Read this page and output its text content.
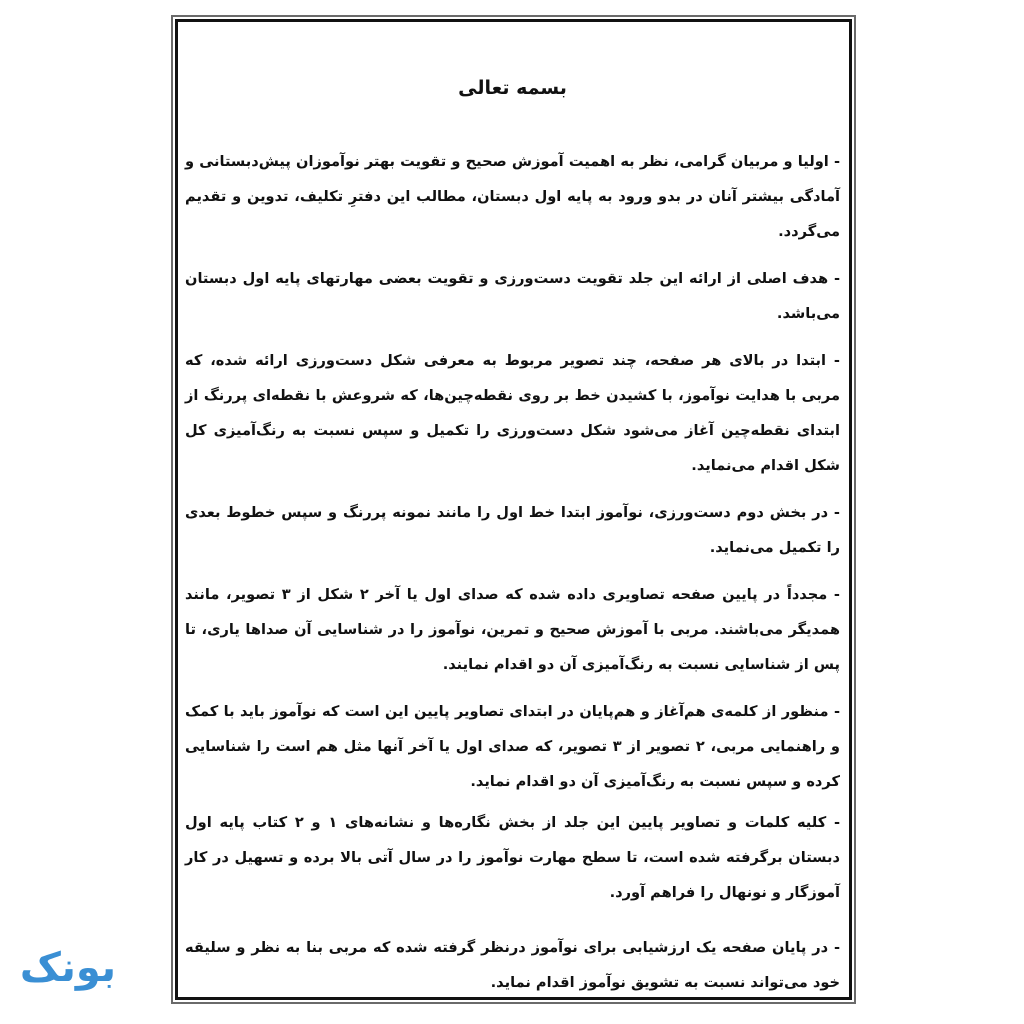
بسمه تعالی

- اولیا و مربیان گرامی، نظر به اهمیت آموزش صحیح و تقویت بهتر نوآموزان پیش‌دبستانی و آمادگی بیشتر آنان در بدو ورود به پایه اول دبستان، مطالب این دفترِ تکلیف، تدوین و تقدیم می‌گردد.

- هدف اصلی از ارائه این جلد تقویت دست‌ورزی و تقویت بعضی مهارتهای پایه اول دبستان می‌باشد.

- ابتدا در بالای هر صفحه، چند تصویر مربوط به معرفی شکل دست‌ورزی ارائه شده، که مربی با هدایت نوآموز، با کشیدن خط بر روی نقطه‌چین‌ها، که شروعش با نقطه‌ای پررنگ از ابتدای نقطه‌چین آغاز می‌شود شکل دست‌ورزی را تکمیل و سپس نسبت به رنگ‌آمیزی کل شکل اقدام می‌نماید.

- در بخش دوم دست‌ورزی، نوآموز ابتدا خط اول را مانند نمونه پررنگ و سپس خطوط بعدی را تکمیل می‌نماید.

- مجدداً در پایین صفحه تصاویری داده شده که صدای اول یا آخر ۲ شکل از ۳ تصویر، مانند همدیگر می‌باشند. مربی با آموزش صحیح و تمرین، نوآموز را در شناسایی آن صداها یاری، تا پس از شناسایی نسبت به رنگ‌آمیزی آن دو اقدام نمایند.

- منظور از کلمه‌ی هم‌آغاز و هم‌پایان در ابتدای تصاویر پایین این است که نوآموز باید با کمک و راهنمایی مربی، ۲ تصویر از ۳ تصویر، که صدای اول یا آخر آنها مثل هم است را شناسایی کرده و سپس نسبت به رنگ‌آمیزی آن دو اقدام نماید.

- کلیه کلمات و تصاویر پایین این جلد از بخش نگاره‌ها و نشانه‌های ۱ و ۲ کتاب پایه اول دبستان برگرفته شده است، تا سطح مهارت نوآموز را در سال آتی بالا برده و تسهیل در کار آموزگار و نونهال را فراهم آورد.

- در پایان صفحه یک ارزشیابی برای نوآموز درنظر گرفته شده که مربی بنا به نظر و سلیقه خود می‌تواند نسبت به تشویق نوآموز اقدام نماید.

بونک
